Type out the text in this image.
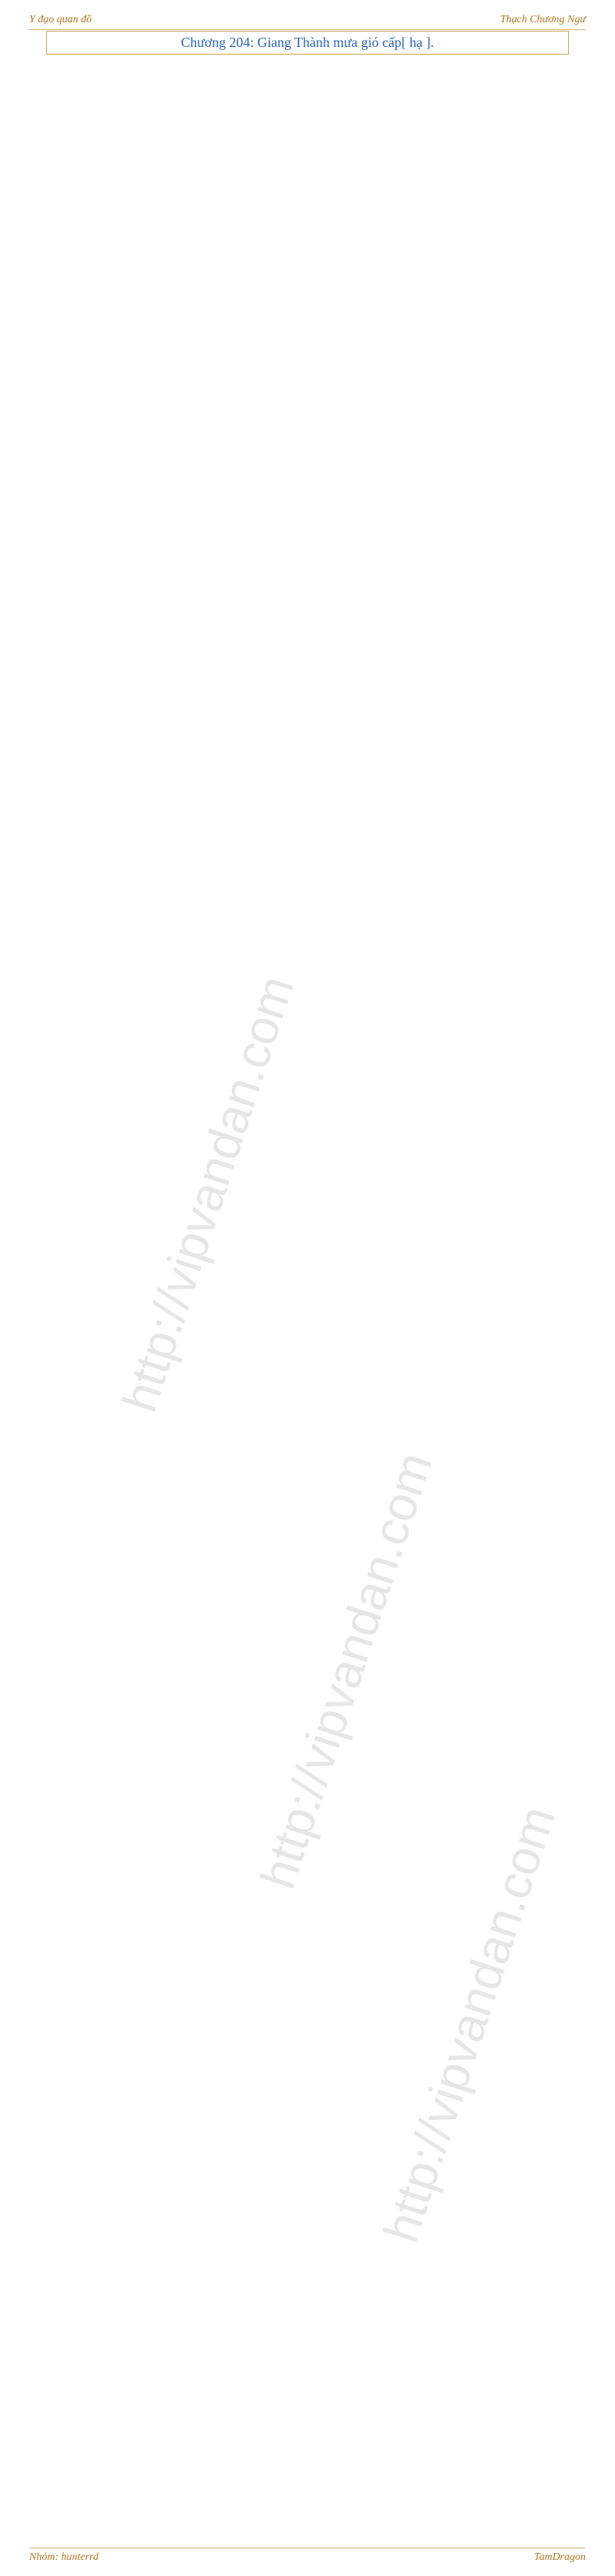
Y đạo quan đồ	Thạch Chương Ngư
http://vipvandan.com
http://vipvandan.com
http://vipvandan.com
Chương 204: Giang Thành mưa gió cấp[ hạ ].

Nhóm: hunterrd	TamDragon
